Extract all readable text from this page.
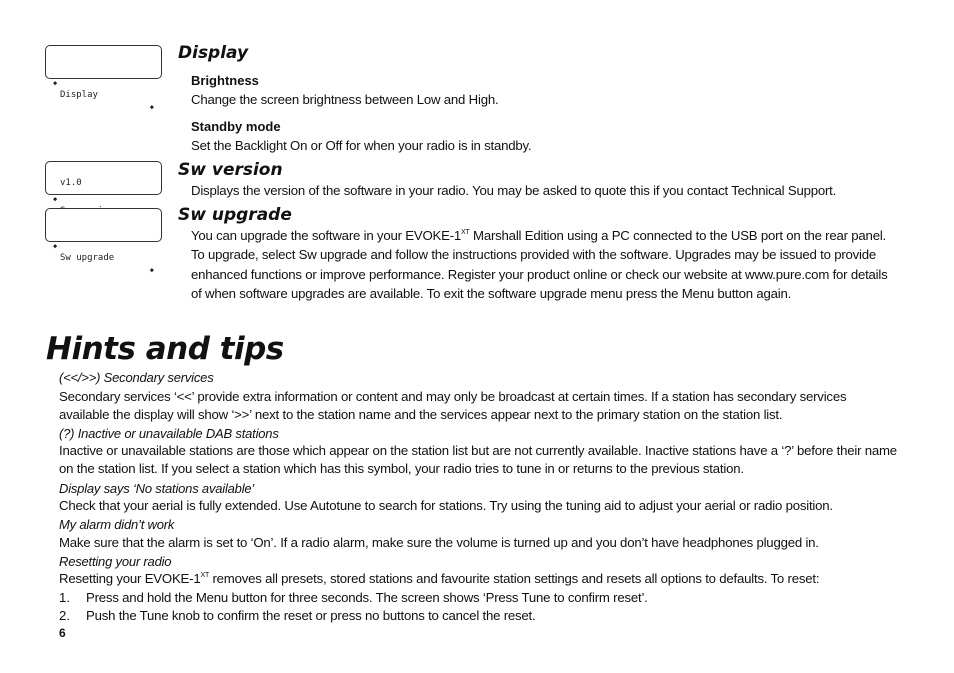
◆

Display

◆

v1.0

◆

◆

Sw upgrade

◆

Display
Brightness
Change the screen brightness between Low and High.
Standby mode
Set the Backlight On or Off for when your radio is in standby.
Sw version
Displays the version of the software in your radio. You may be asked to quote this if you contact Technical Support.
Sw upgrade
You can upgrade the software in your EVOKE-$1^{XT}$ Marshall Edition using a PC connected to the USB port on the rear panel. To upgrade, select Sw upgrade and follow the instructions provided with the software. Upgrades may be issued to provide enhanced functions or improve performance. Register your product online or check our website at www.pure.com for details of when software upgrades are available. To exit the software upgrade menu press the Menu button again.
Hints and tips
(<</>>) Secondary services
Secondary services ‘<<’ provide extra information or content and may only be broadcast at certain times. If a station has secondary services available the display will show ‘>>’ next to the station name and the services appear next to the primary station on the station list.
(?) Inactive or unavailable DAB stations
Inactive or unavailable stations are those which appear on the station list but are not currently available. Inactive stations have a ‘?’ before their name on the station list. If you select a station which has this symbol, your radio tries to tune in or returns to the previous station.
Display says ‘No stations available’
Check that your aerial is fully extended. Use Autotune to search for stations. Try using the tuning aid to adjust your aerial or radio position.
My alarm didn’t work
Make sure that the alarm is set to ‘On’. If a radio alarm, make sure the volume is turned up and you don’t have headphones plugged in.
Resetting your radio
Resetting your EVOKE-$1^{XT}$ removes all presets, stored stations and favourite station settings and resets all options to defaults. To reset:
1. Press and hold the Menu button for three seconds. The screen shows ‘Press Tune to confirm reset’.
2. Push the Tune knob to confirm the reset or press no buttons to cancel the reset.
6
